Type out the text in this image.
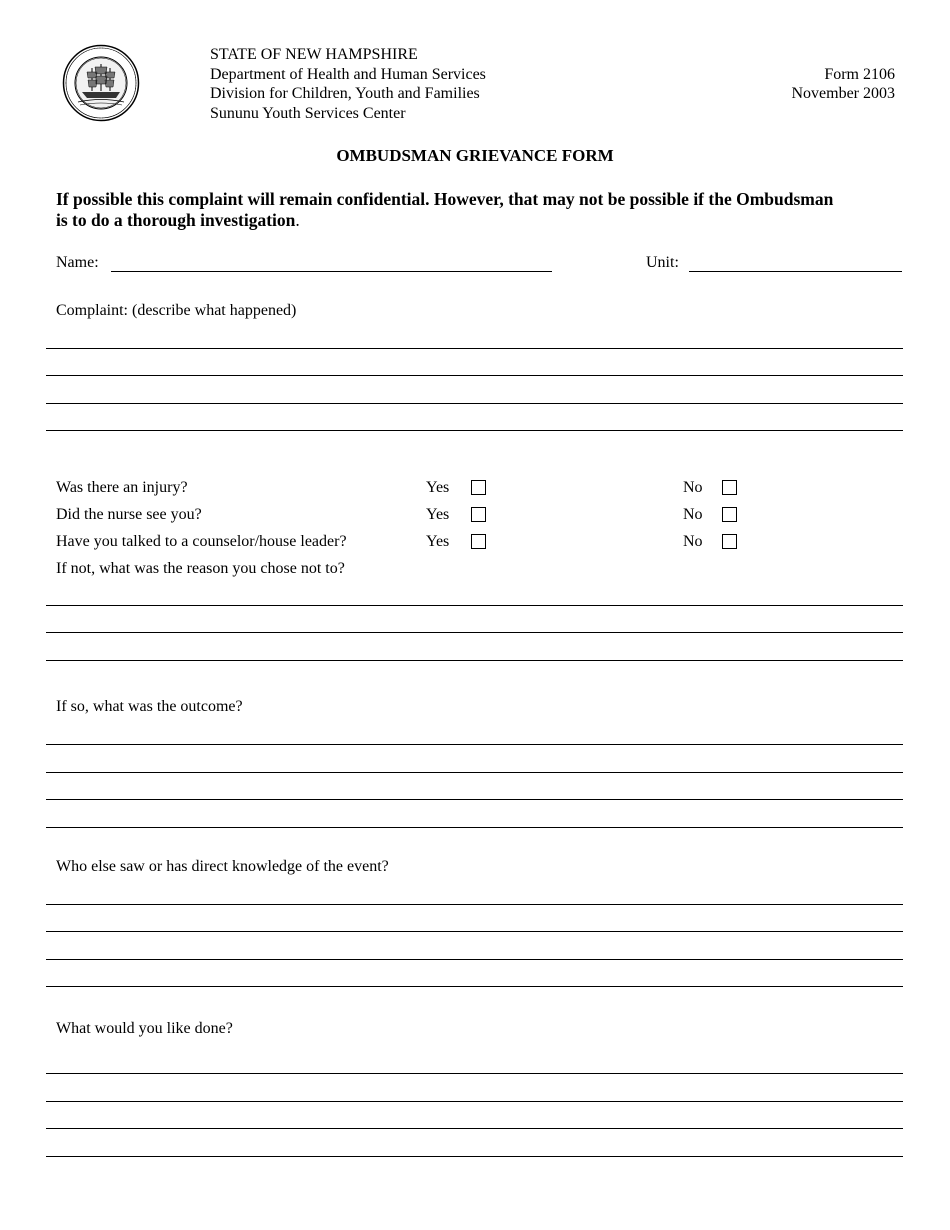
STATE OF NEW HAMPSHIRE
Department of Health and Human Services
Division for Children, Youth and Families
Sununu Youth Services Center
Form 2106
November 2003
OMBUDSMAN GRIEVANCE FORM
If possible this complaint will remain confidential. However, that may not be possible if the Ombudsman
is to do a thorough investigation.
Name:	Unit:
Complaint: (describe what happened)
Was there an injury?	Yes	No
Did the nurse see you?	Yes	No
Have you talked to a counselor/house leader?	Yes	No
If not, what was the reason you chose not to?
If so, what was the outcome?
Who else saw or has direct knowledge of the event?
What would you like done?
